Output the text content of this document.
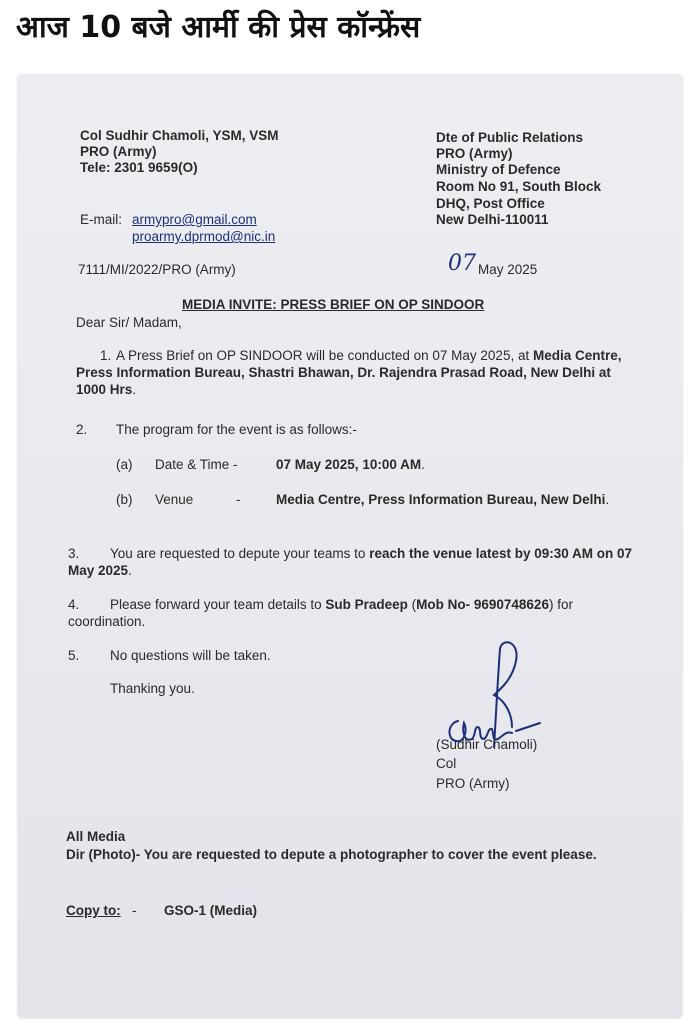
आज 10 बजे आर्मी की प्रेस कॉन्फ्रेंस
Col Sudhir Chamoli, YSM, VSM
PRO (Army)
Tele: 2301 9659(O)
E-mail: armypro@gmail.com
proarmy.dprmod@nic.in
Dte of Public Relations
PRO (Army)
Ministry of Defence
Room No 91, South Block
DHQ, Post Office
New Delhi-110011
7111/MI/2022/PRO (Army)	07 May 2025
MEDIA INVITE: PRESS BRIEF ON OP SINDOOR
Dear Sir/ Madam,
1. A Press Brief on OP SINDOOR will be conducted on 07 May 2025, at Media Centre, Press Information Bureau, Shastri Bhawan, Dr. Rajendra Prasad Road, New Delhi at 1000 Hrs.
2. The program for the event is as follows:-
(a) Date & Time -	07 May 2025, 10:00 AM.
(b) Venue	-	Media Centre, Press Information Bureau, New Delhi.
3.	You are requested to depute your teams to reach the venue latest by 09:30 AM on 07 May 2025.
4.	Please forward your team details to Sub Pradeep (Mob No- 9690748626) for coordination.
5. No questions will be taken.
Thanking you.
(Sudhir Chamoli)
Col
PRO (Army)
All Media
Dir (Photo)- You are requested to depute a photographer to cover the event please.
Copy to: - GSO-1 (Media)
